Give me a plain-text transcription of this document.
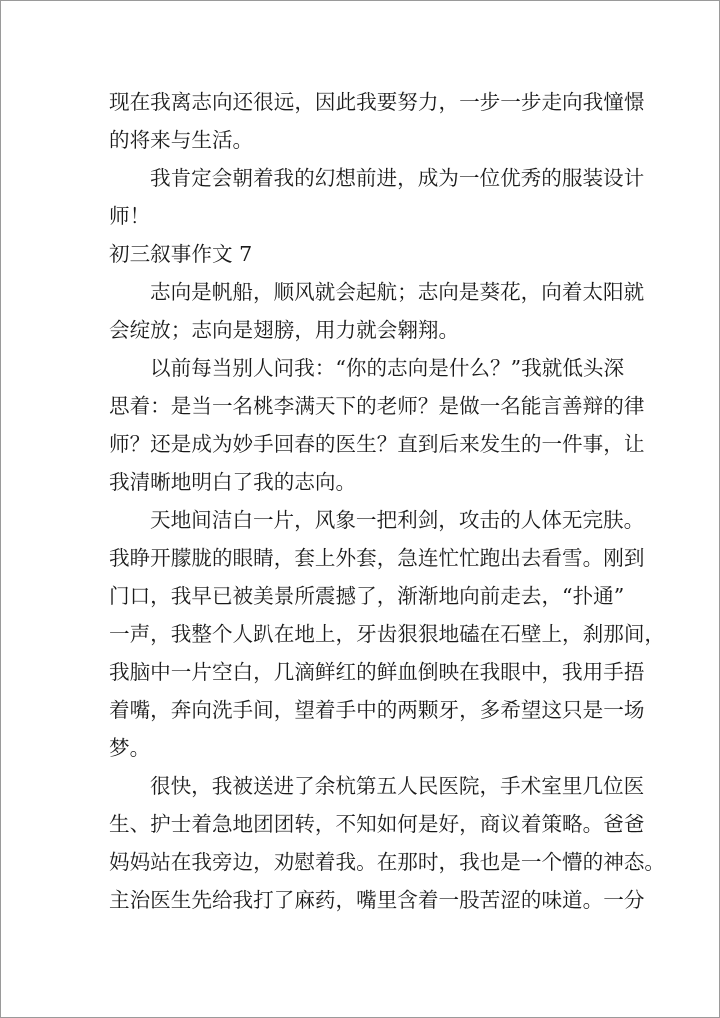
现在我离志向还很远，因此我要努力，一步一步走向我憧憬
的将来与生活。
我肯定会朝着我的幻想前进，成为一位优秀的服装设计
师！
初三叙事作文 7
志向是帆船，顺风就会起航；志向是葵花，向着太阳就
会绽放；志向是翅膀，用力就会翱翔。
以前每当别人问我：“你的志向是什么？”我就低头深
思着：是当一名桃李满天下的老师？是做一名能言善辩的律
师？还是成为妙手回春的医生？直到后来发生的一件事，让
我清晰地明白了我的志向。
天地间洁白一片，风象一把利剑，攻击的人体无完肤。
我睁开朦胧的眼睛，套上外套，急连忙忙跑出去看雪。刚到
门口，我早已被美景所震撼了，渐渐地向前走去，“扑通”
一声，我整个人趴在地上，牙齿狠狠地磕在石壁上，刹那间，
我脑中一片空白，几滴鲜红的鲜血倒映在我眼中，我用手捂
着嘴，奔向洗手间，望着手中的两颗牙，多希望这只是一场
梦。
很快，我被送进了余杭第五人民医院，手术室里几位医
生、护士着急地团团转，不知如何是好，商议着策略。爸爸
妈妈站在我旁边，劝慰着我。在那时，我也是一个懵的神态。
主治医生先给我打了麻药，嘴里含着一股苦涩的味道。一分
